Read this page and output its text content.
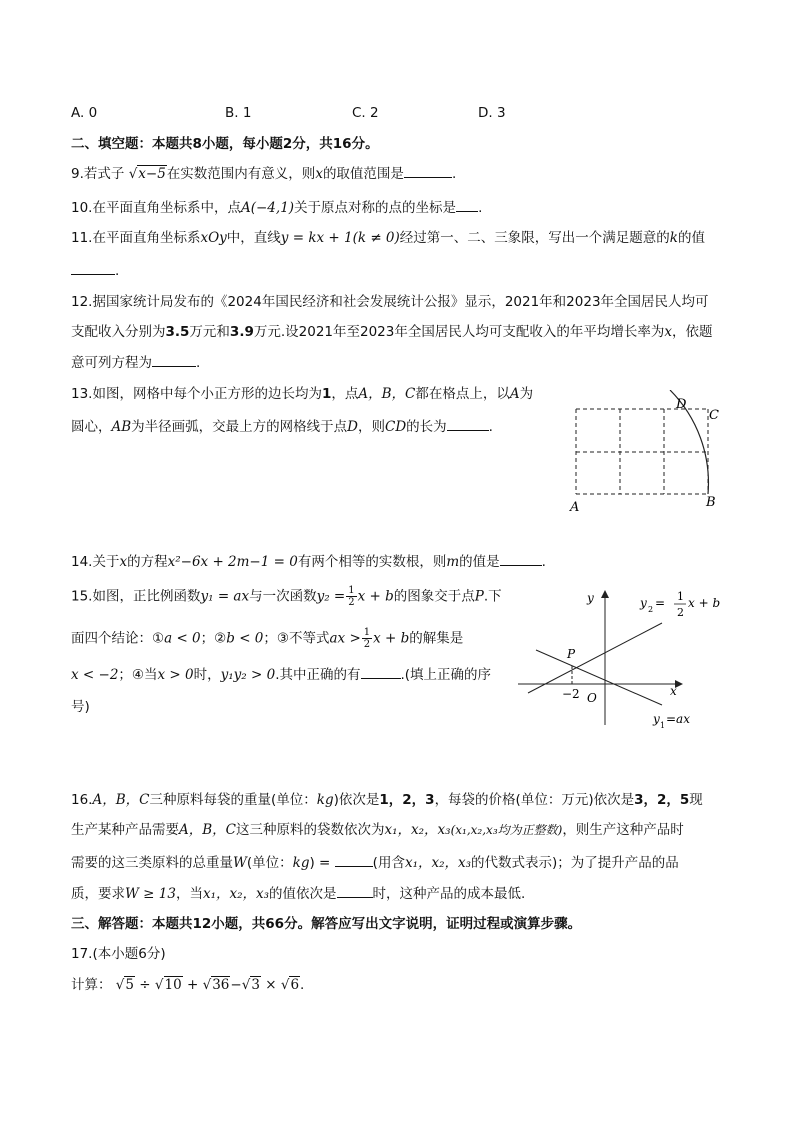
A. 0	B. 1	C. 2	D. 3
二、填空题：本题共8小题，每小题2分，共16分。
9.若式子 √x−5在实数范围内有意义，则x的取值范围是	.
10.在平面直角坐标系中，点A(−4,1)关于原点对称的点的坐标是 .
11.在平面直角坐标系xOy中，直线y = kx + 1(k ≠ 0)经过第一、二、三象限，写出一个满足题意的k的值
.
12.据国家统计局发布的《2024年国民经济和社会发展统计公报》显示，2021年和2023年全国居民人均可
支配收入分别为3.5万元和3.9万元.设2021年至2023年全国居民人均可支配收入的年平均增长率为x，依题
意可列方程为	.
13.如图，网格中每个小正方形的边长均为1，点A，B，C都在格点上，以A为
圆心，AB为半径画弧，交最上方的网格线于点D，则CD的长为	.
A	B
C
D
14.关于x的方程x²−6x + 2m−1 = 0有两个相等的实数根，则m的值是	.
15.如图，正比例函数y₁ = ax与一次函数$y_2 = \frac{1}{2}$ x + b的图象交于点P.下
面四个结论：①a < 0；②b < 0；③不等式ax > $\frac{1}{2}$ x + b的解集是
x < −2；④当x > 0时，y₁y₂ > 0.其中正确的有	.(填上正确的序
号)
y
x
O
P
−2
y 2 = 1
2
x + b
y 1 =ax
16.A，B，C三种原料每袋的重量(单位：kg)依次是1，2，3，每袋的价格(单位：万元)依次是3，2，5现
生产某种产品需要A，B，C这三种原料的袋数依次为x₁，x₂，x₃(x₁,x₂,x₃均为正整数)，则生产这种产品时
需要的这三类原料的总重量W(单位：kg) =	(用含x₁，x₂，x₃的代数式表示)；为了提升产品的品
质，要求W ≥ 13，当x₁，x₂，x₃的值依次是	时，这种产品的成本最低.
三、解答题：本题共12小题，共66分。解答应写出文字说明，证明过程或演算步骤。
17.(本小题6分)
计算： √5 ÷ √10 + √36−√3 × √6.
